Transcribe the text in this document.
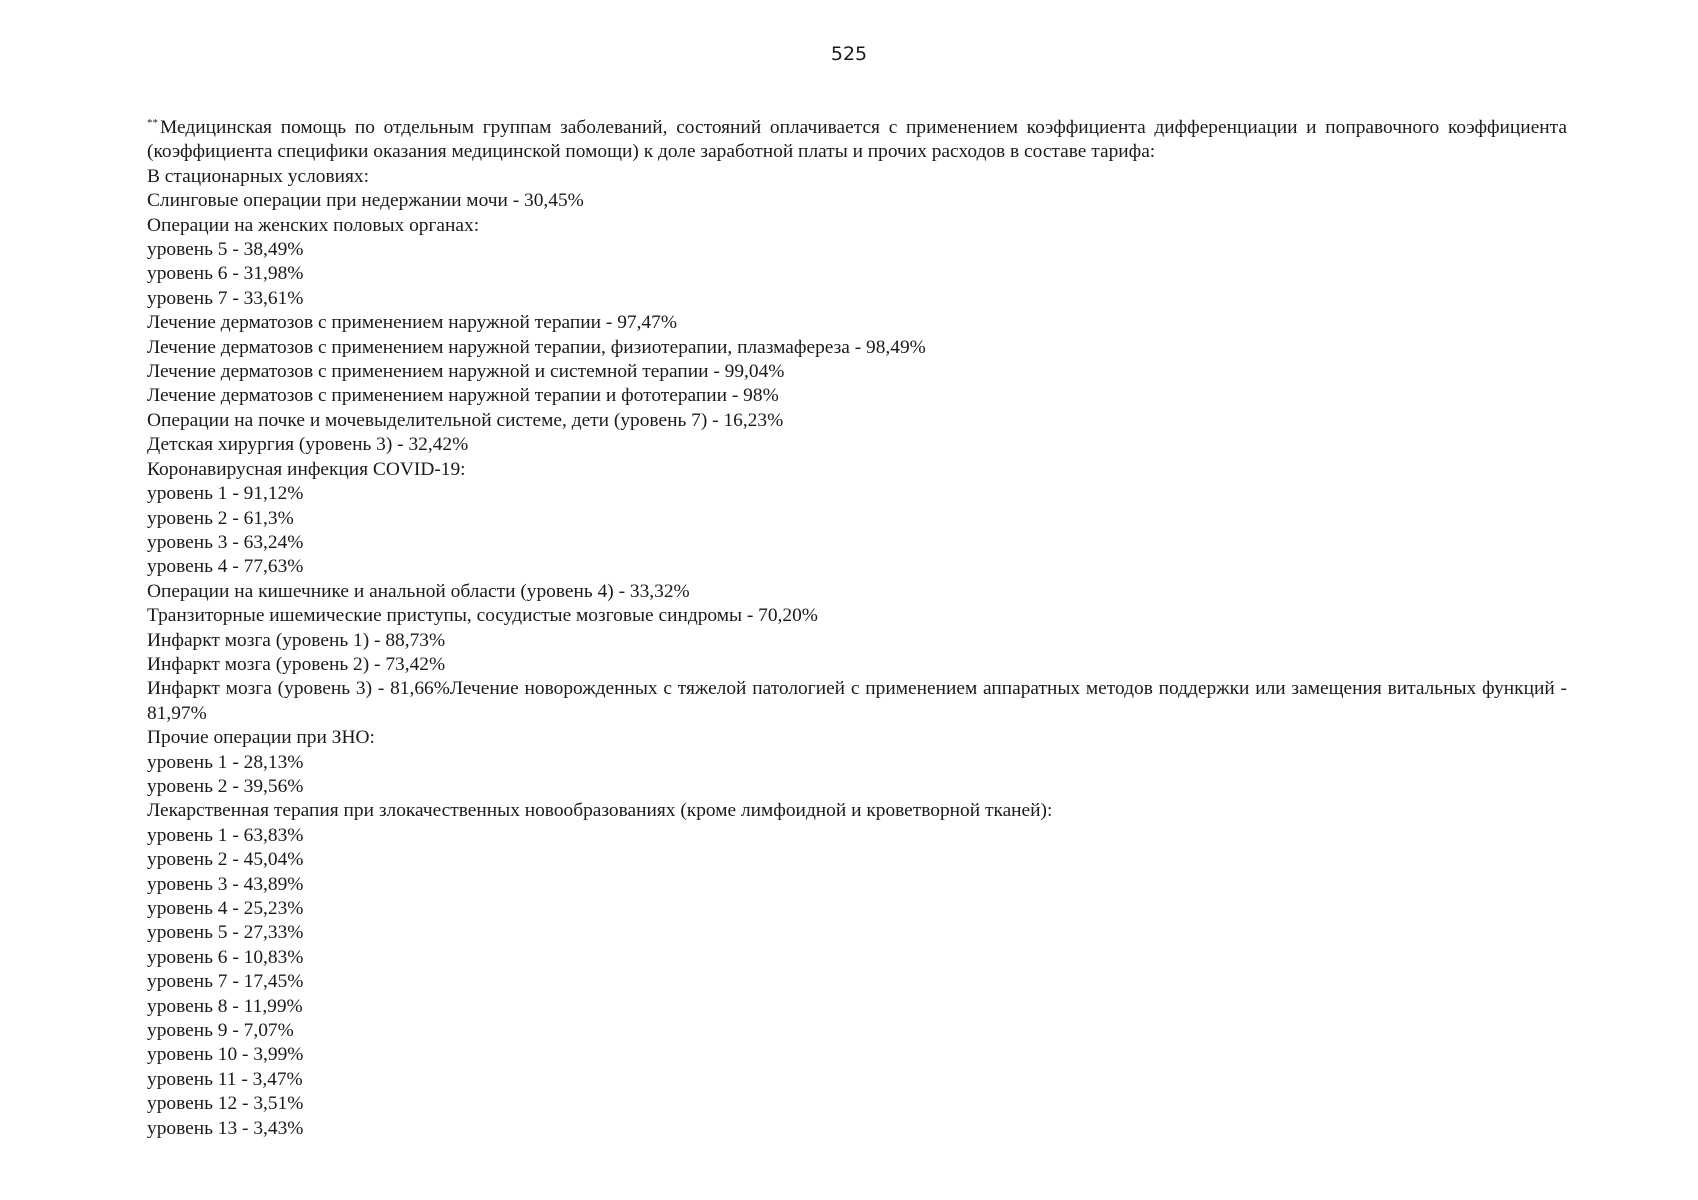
525

** Медицинская помощь по отдельным группам заболеваний, состояний оплачивается с применением коэффициента дифференциации и поправочного коэффициента (коэффициента специфики оказания медицинской помощи) к доле заработной платы и прочих расходов в составе тарифа:

В стационарных условиях:

Слинговые операции при недержании мочи - 30,45%

Операции на женских половых органах:

уровень 5 - 38,49%

уровень 6 - 31,98%

уровень 7 - 33,61%

Лечение дерматозов с применением наружной терапии - 97,47%

Лечение дерматозов с применением наружной терапии, физиотерапии, плазмафереза - 98,49%

Лечение дерматозов с применением наружной и системной терапии - 99,04%

Лечение дерматозов с применением наружной терапии и фототерапии - 98%

Операции на почке и мочевыделительной системе, дети (уровень 7) - 16,23%

Детская хирургия (уровень 3) - 32,42%

Коронавирусная инфекция COVID-19:

уровень 1 - 91,12%

уровень 2 - 61,3%

уровень 3 - 63,24%

уровень 4 - 77,63%

Операции на кишечнике и анальной области (уровень 4) - 33,32%

Транзиторные ишемические приступы, сосудистые мозговые синдромы - 70,20%

Инфаркт мозга (уровень 1) - 88,73%

Инфаркт мозга (уровень 2) - 73,42%

Инфаркт мозга (уровень 3) - 81,66%Лечение новорожденных с тяжелой патологией с применением аппаратных методов поддержки или замещения витальных функций - 81,97%

Прочие операции при ЗНО:

уровень 1 - 28,13%

уровень 2 - 39,56%

Лекарственная терапия при злокачественных новообразованиях (кроме лимфоидной и кроветворной тканей):

уровень 1 - 63,83%

уровень 2 - 45,04%

уровень 3 - 43,89%

уровень 4 - 25,23%

уровень 5 - 27,33%

уровень 6 - 10,83%

уровень 7 - 17,45%

уровень 8 - 11,99%

уровень 9 - 7,07%

уровень 10 - 3,99%

уровень 11 - 3,47%

уровень 12 - 3,51%

уровень 13 - 3,43%
